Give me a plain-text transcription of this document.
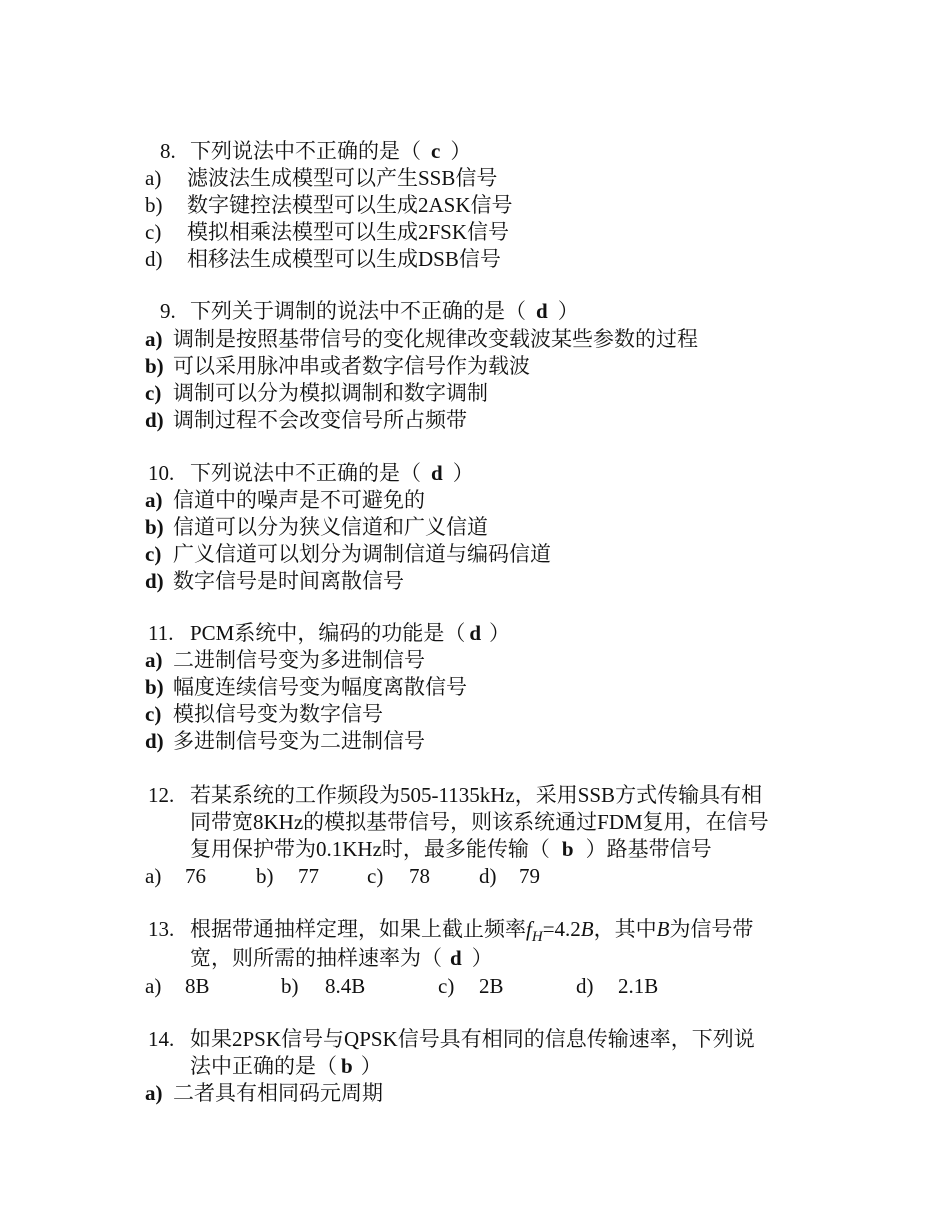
8. 下列说法中不正确的是（ c ）
a) 滤波法生成模型可以产生SSB信号
b) 数字键控法模型可以生成2ASK信号
c) 模拟相乘法模型可以生成2FSK信号
d) 相移法生成模型可以生成DSB信号
9. 下列关于调制的说法中不正确的是（ d ）
a) 调制是按照基带信号的变化规律改变载波某些参数的过程
b) 可以采用脉冲串或者数字信号作为载波
c) 调制可以分为模拟调制和数字调制
d) 调制过程不会改变信号所占频带
10. 下列说法中不正确的是（ d ）
a) 信道中的噪声是不可避免的
b) 信道可以分为狭义信道和广义信道
c) 广义信道可以划分为调制信道与编码信道
d) 数字信号是时间离散信号
11. PCM系统中，编码的功能是（ d ）
a) 二进制信号变为多进制信号
b) 幅度连续信号变为幅度离散信号
c) 模拟信号变为数字信号
d) 多进制信号变为二进制信号
12. 若某系统的工作频段为505-1135kHz，采用SSB方式传输具有相
同带宽8KHz的模拟基带信号，则该系统通过FDM复用，在信号
复用保护带为0.1KHz时，最多能传输（ b ）路基带信号
a) 76 b) 77 c) 78 d) 79
13. 根据带通抽样定理，如果上截止频率$f_H=4.2B$，其中B为信号带
宽，则所需的抽样速率为（ d ）
a) 8B	b) 8.4B	c) 2B	d) 2.1B
14. 如果2PSK信号与QPSK信号具有相同的信息传输速率，下列说
法中正确的是（ b ）
a) 二者具有相同码元周期
